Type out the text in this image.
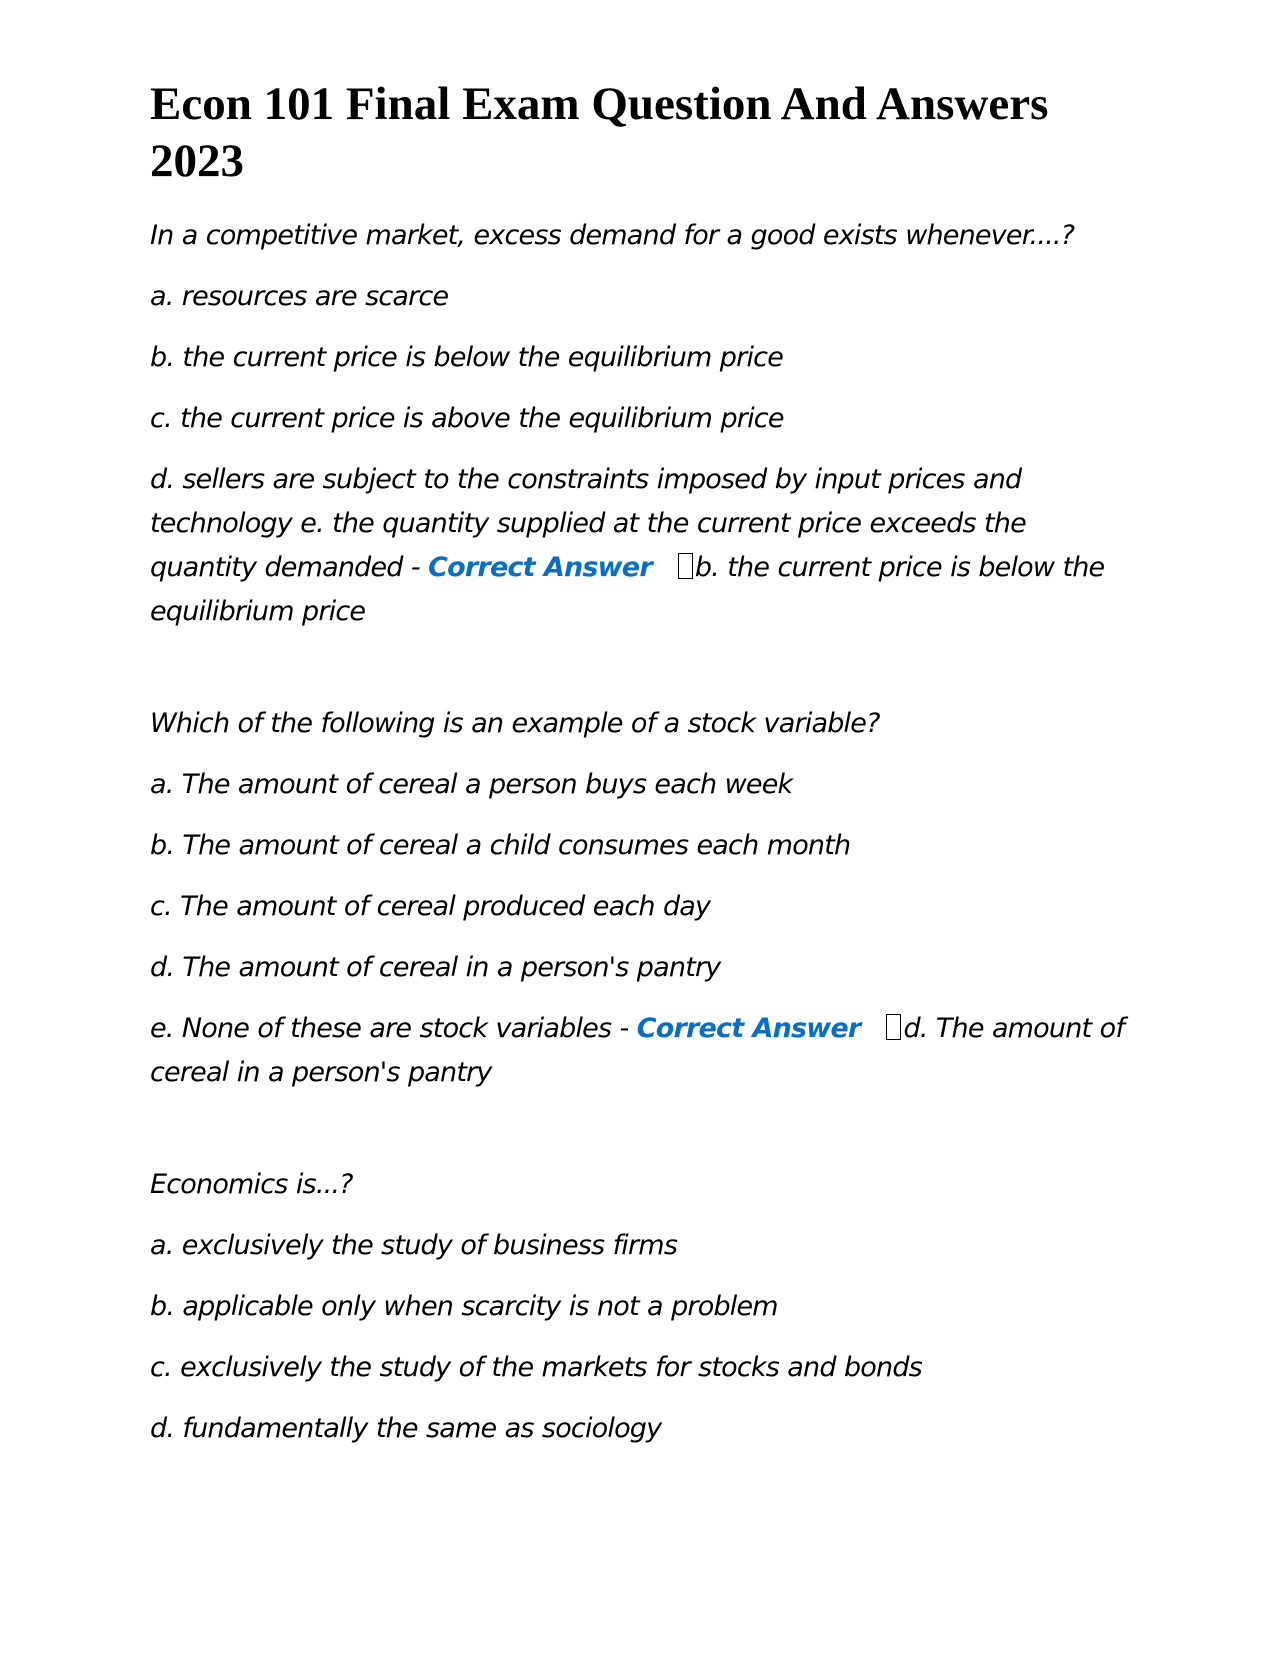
Econ 101 Final Exam Question And Answers 2023

In a competitive market, excess demand for a good exists whenever....?

a. resources are scarce

b. the current price is below the equilibrium price

c. the current price is above the equilibrium price

d. sellers are subject to the constraints imposed by input prices and technology e. the quantity supplied at the current price exceeds the quantity demanded - Correct Answer b. the current price is below the equilibrium price

Which of the following is an example of a stock variable?

a. The amount of cereal a person buys each week

b. The amount of cereal a child consumes each month

c. The amount of cereal produced each day

d. The amount of cereal in a person's pantry

e. None of these are stock variables - Correct Answer d. The amount of cereal in a person's pantry

Economics is...?

a. exclusively the study of business firms

b. applicable only when scarcity is not a problem

c. exclusively the study of the markets for stocks and bonds

d. fundamentally the same as sociology
